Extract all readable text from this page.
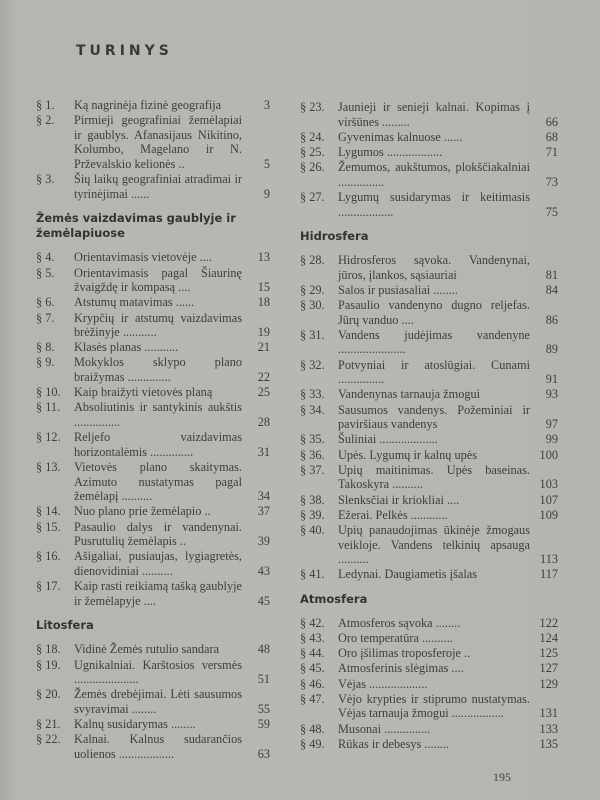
TURINYS
§ 1.	Ką nagrinėja fizinė geografija	3
§ 2.	Pirmieji geografiniai žemėlapiai ir gaublys. Afanasijaus Nikitino, Kolumbo, Magelano ir N. Prževalskio kelionės ..	5
§ 3.	Šių laikų geografiniai atradimai ir tyrinėjimai ......	9
Žemės vaizdavimas gaublyje ir žemėlapiuose
§ 4.	Orientavimasis vietovėje ....	13
§ 5.	Orientavimasis pagal Šiaurinę žvaigždę ir kompasą ....	15
§ 6.	Atstumų matavimas ......	18
§ 7.	Krypčių ir atstumų vaizdavimas brėžinyje ...........	19
§ 8.	Klasės planas ...........	21
§ 9.	Mokyklos sklypo plano braižymas ..............	22
§ 10.	Kaip braižyti vietovės planą	25
§ 11.	Absoliutinis ir santykinis aukštis ...............	28
§ 12.	Reljefo vaizdavimas horizontalėmis ..............	31
§ 13.	Vietovės plano skaitymas. Azimuto nustatymas pagal žemėlapį ..........	34
§ 14.	Nuo plano prie žemėlapio ..	37
§ 15.	Pasaulio dalys ir vandenynai. Pusrutulių žemėlapis ..	39
§ 16.	Ašigaliai, pusiaujas, lygiagretės, dienovidiniai ..........	43
§ 17.	Kaip rasti reikiamą tašką gaublyje ir žemėlapyje ....	45
Litosfera
§ 18.	Vidinė Žemės rutulio sandara	48
§ 19.	Ugnikalniai. Karštosios versmės .....................	51
§ 20.	Žemės drebėjimai. Lėti sausumos svyravimai ........	55
§ 21.	Kalnų susidarymas ........	59
§ 22.	Kalnai. Kalnus sudarančios uolienos ..................	63
§ 23.	Jaunieji ir senieji kalnai. Kopimas į viršūnes .........	66
§ 24.	Gyvenimas kalnuose ......	68
§ 25.	Lygumos ..................	71
§ 26.	Žemumos, aukštumos, plokščiakalniai ...............	73
§ 27.	Lygumų susidarymas ir keitimasis ..................	75
Hidrosfera
§ 28.	Hidrosferos sąvoka. Vandenynai, jūros, įlankos, sąsiauriai	81
§ 29.	Salos ir pusiasaliai ........	84
§ 30.	Pasaulio vandenyno dugno reljefas. Jūrų vanduo ....	86
§ 31.	Vandens judėjimas vandenyne ......................	89
§ 32.	Potvyniai ir atoslūgiai. Cunami ...............	91
§ 33.	Vandenynas tarnauja žmogui	93
§ 34.	Sausumos vandenys. Požeminiai ir paviršiaus vandenys	97
§ 35.	Šuliniai ...................	99
§ 36.	Upės. Lygumų ir kalnų upės	100
§ 37.	Upių maitinimas. Upės baseinas. Takoskyra ..........	103
§ 38.	Slenksčiai ir kriokliai ....	107
§ 39.	Ežerai. Pelkės ............	109
§ 40.	Upių panaudojimas ūkinėje žmogaus veikloje. Vandens telkinių apsauga ..........	113
§ 41.	Ledynai. Daugiametis įšalas	117
Atmosfera
§ 42.	Atmosferos sąvoka ........	122
§ 43.	Oro temperatūra ..........	124
§ 44.	Oro įšilimas troposferoje ..	125
§ 45.	Atmosferinis slėgimas ....	127
§ 46.	Vėjas ...................	129
§ 47.	Vėjo krypties ir stiprumo nustatymas. Vėjas tarnauja žmogui .................	131
§ 48.	Musonai ...............	133
§ 49.	Rūkas ir debesys ........	135
195
